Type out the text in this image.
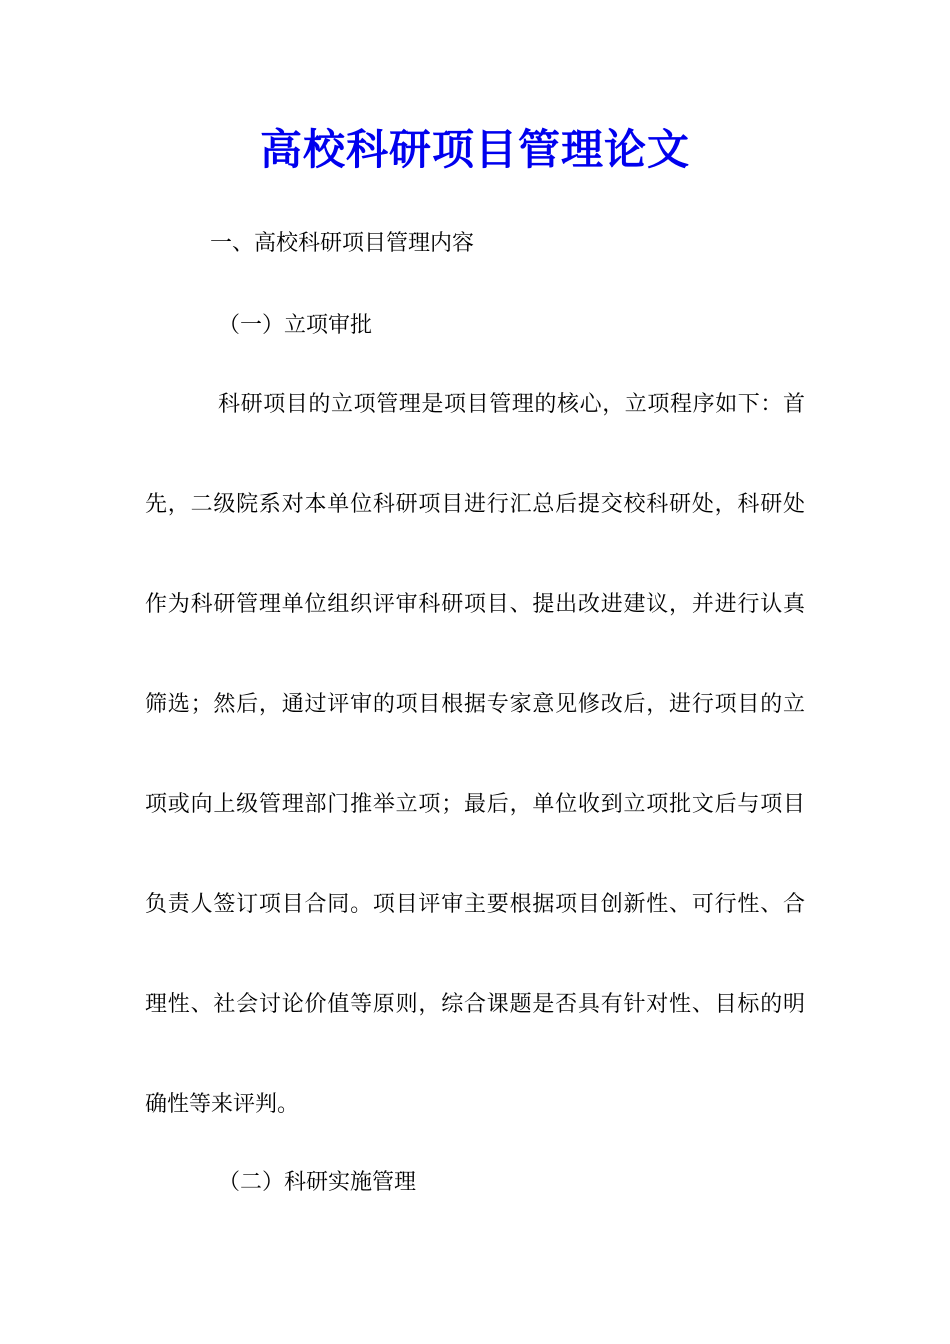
高校科研项目管理论文
一、高校科研项目管理内容
（一）立项审批
科研项目的立项管理是项目管理的核心，立项程序如下：首
先，二级院系对本单位科研项目进行汇总后提交校科研处，科研处
作为科研管理单位组织评审科研项目、提出改进建议，并进行认真
筛选；然后，通过评审的项目根据专家意见修改后，进行项目的立
项或向上级管理部门推举立项；最后，单位收到立项批文后与项目
负责人签订项目合同。项目评审主要根据项目创新性、可行性、合
理性、社会讨论价值等原则，综合课题是否具有针对性、目标的明
确性等来评判。
（二）科研实施管理
